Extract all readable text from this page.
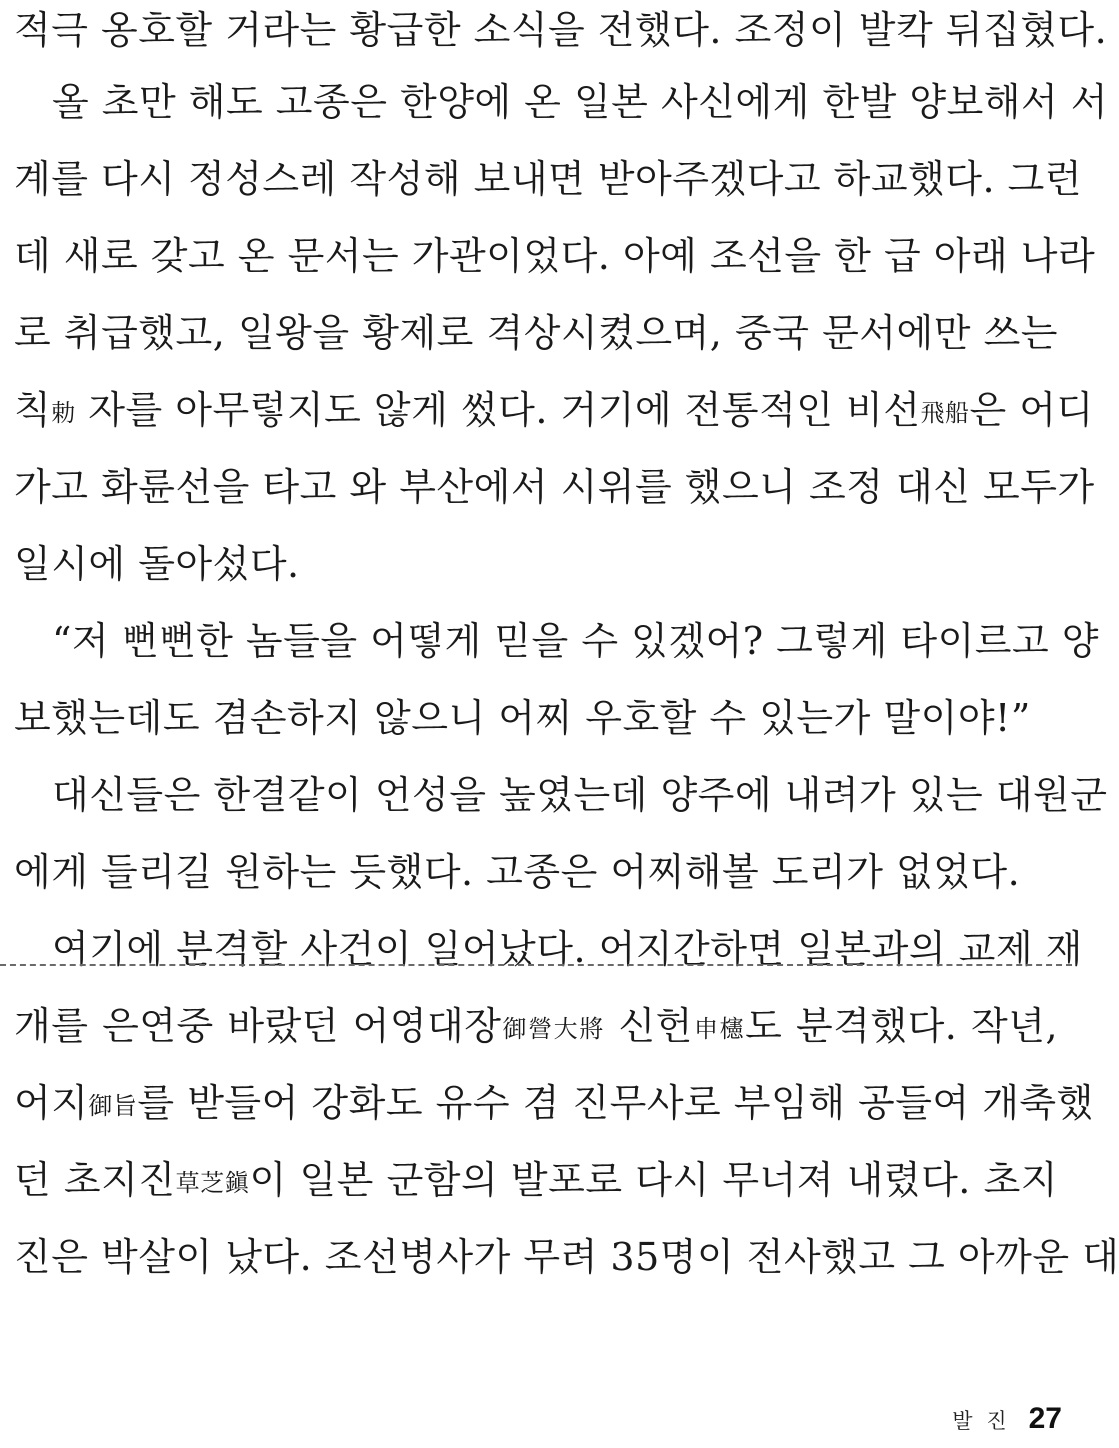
적극 옹호할 거라는 황급한 소식을 전했다. 조정이 발칵 뒤집혔다.
올 초만 해도 고종은 한양에 온 일본 사신에게 한발 양보해서 서
계를 다시 정성스레 작성해 보내면 받아주겠다고 하교했다. 그런
데 새로 갖고 온 문서는 가관이었다. 아예 조선을 한 급 아래 나라
로 취급했고, 일왕을 황제로 격상시켰으며, 중국 문서에만 쓰는
칙勅 자를 아무렇지도 않게 썼다. 거기에 전통적인 비선飛船은 어디
가고 화륜선을 타고 와 부산에서 시위를 했으니 조정 대신 모두가
일시에 돌아섰다.
“저 뻔뻔한 놈들을 어떻게 믿을 수 있겠어? 그렇게 타이르고 양
보했는데도 겸손하지 않으니 어찌 우호할 수 있는가 말이야!”
대신들은 한결같이 언성을 높였는데 양주에 내려가 있는 대원군
에게 들리길 원하는 듯했다. 고종은 어찌해볼 도리가 없었다.
여기에 분격할 사건이 일어났다. 어지간하면 일본과의 교제 재
개를 은연중 바랐던 어영대장御營大將 신헌申櫶도 분격했다. 작년,
어지御旨를 받들어 강화도 유수 겸 진무사로 부임해 공들여 개축했
던 초지진草芝鎭이 일본 군함의 발포로 다시 무너져 내렸다. 초지
진은 박살이 났다. 조선병사가 무려 35명이 전사했고 그 아까운 대
발 진 27
